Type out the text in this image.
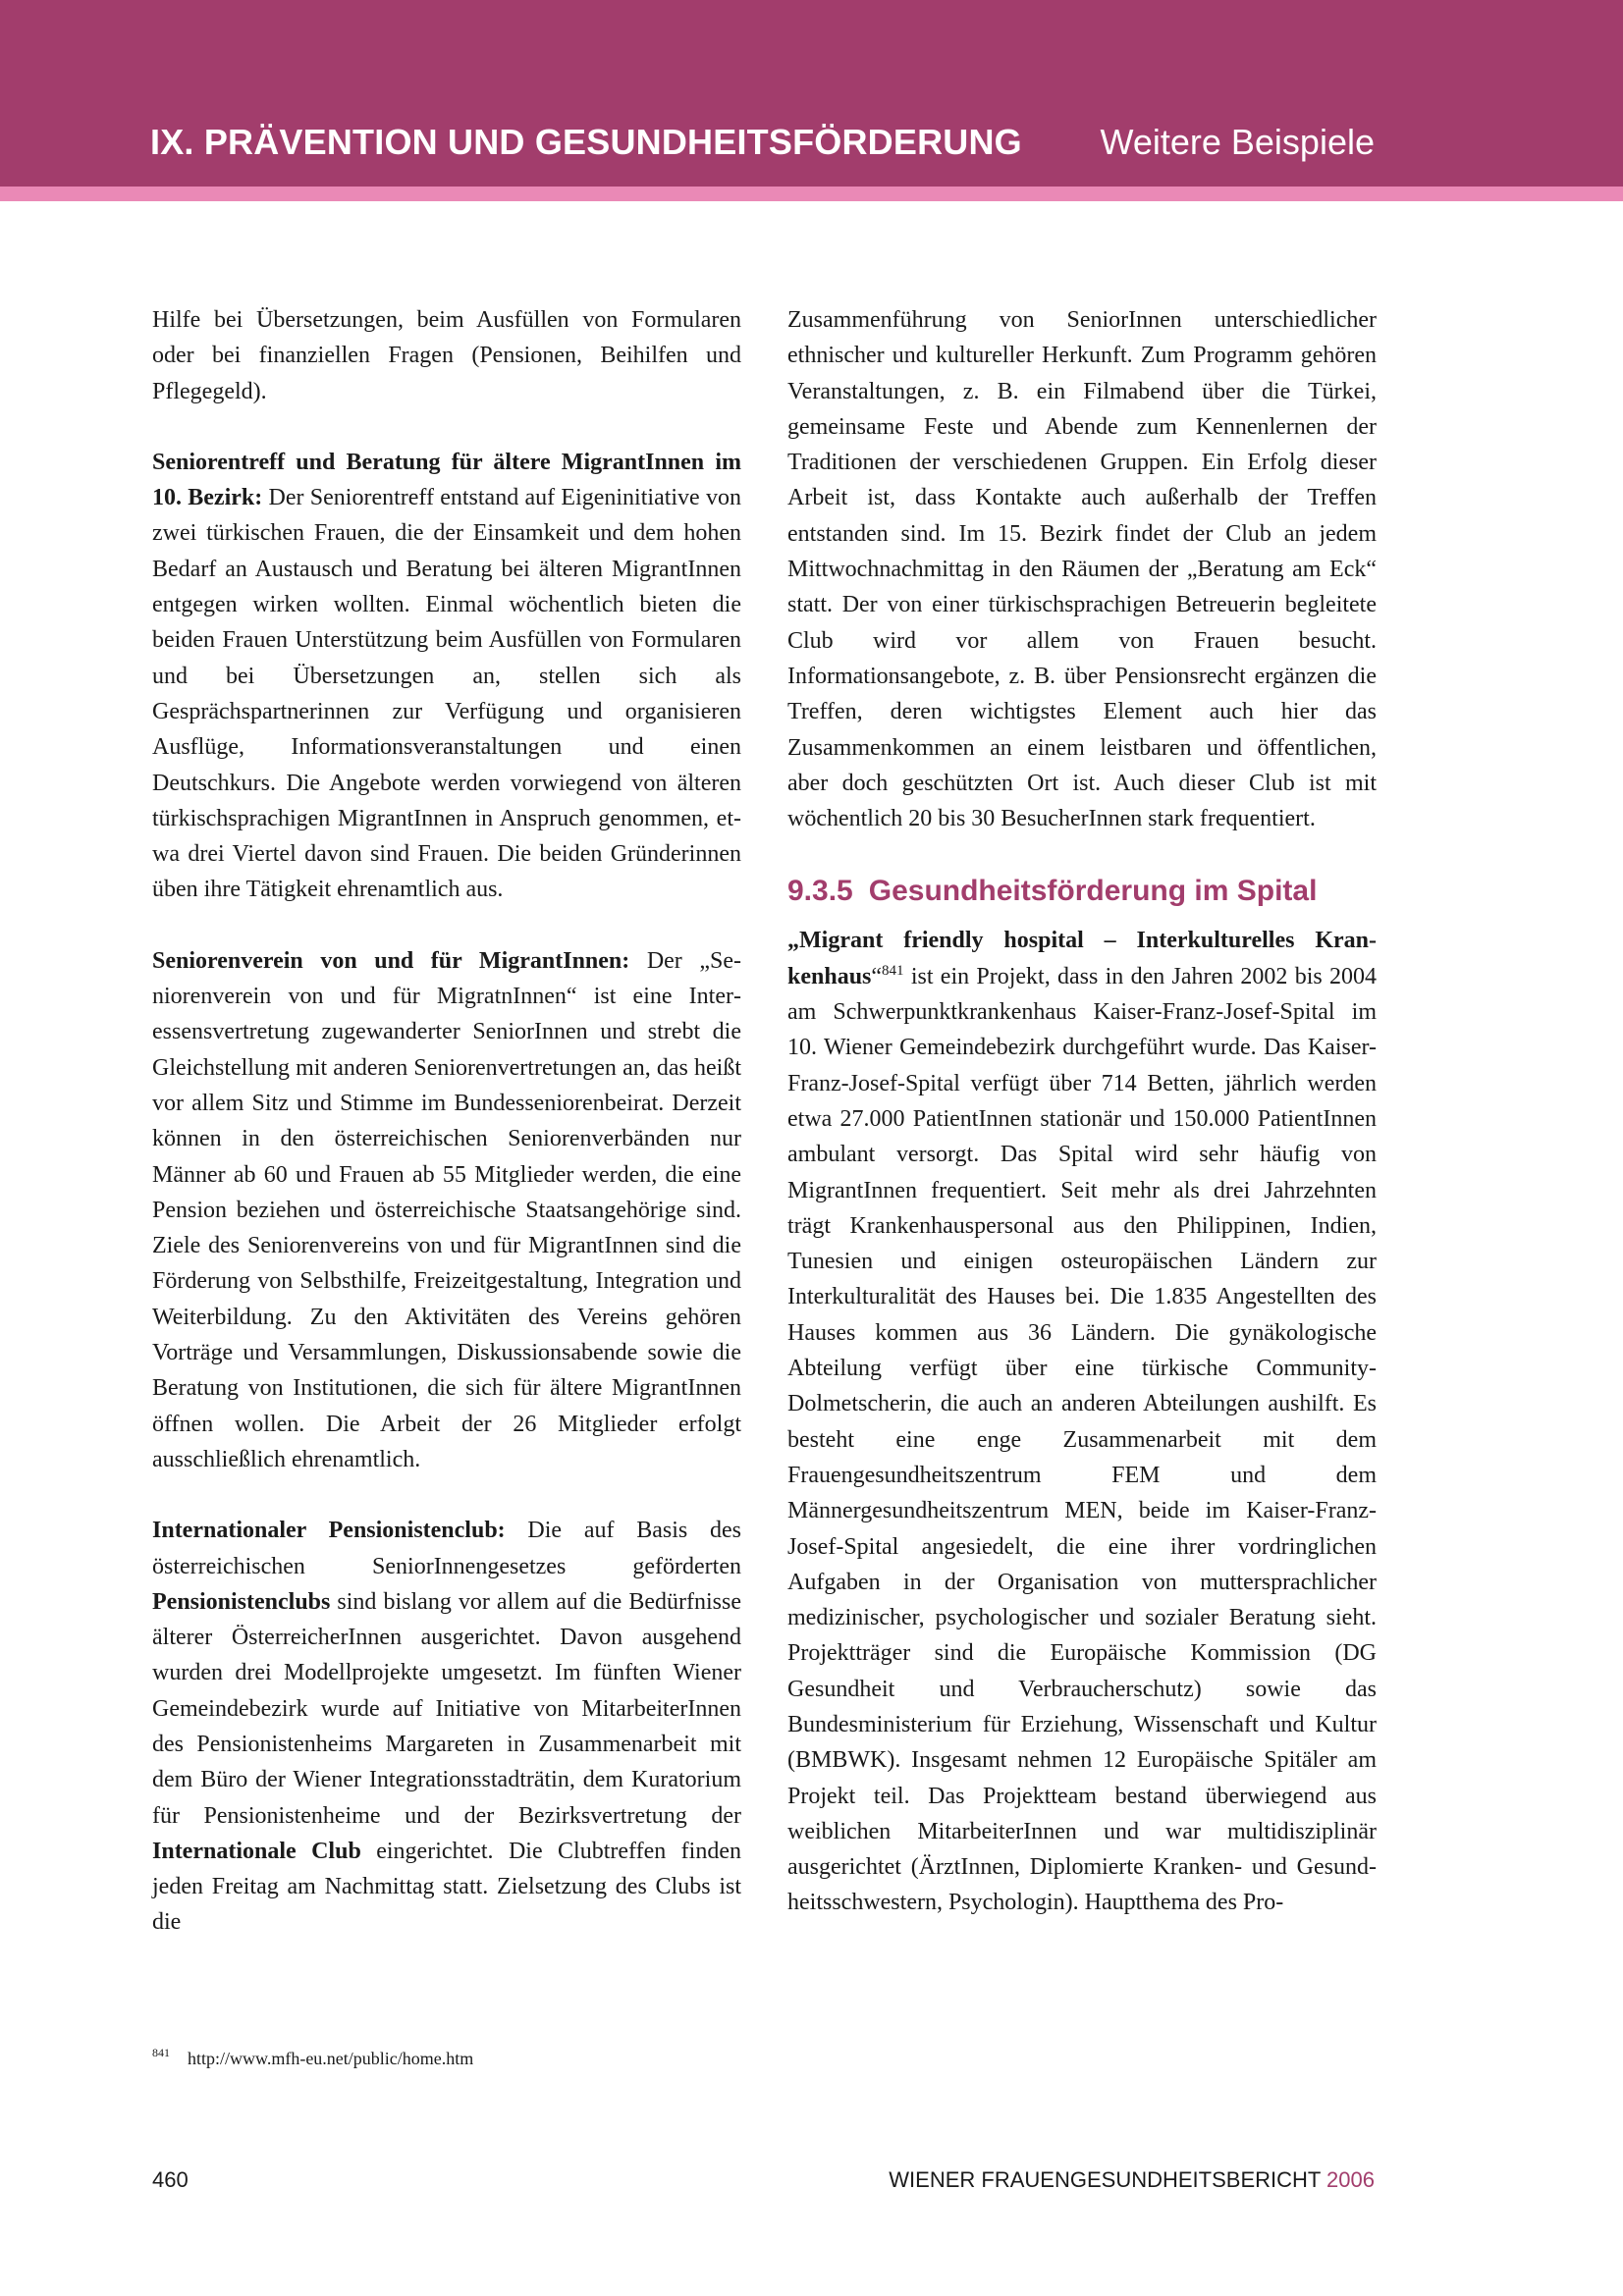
IX. PRÄVENTION UND GESUNDHEITSFÖRDERUNG Weitere Beispiele

Hilfe bei Übersetzungen, beim Ausfüllen von Formularen oder bei finanziellen Fragen (Pensionen, Beihilfen und Pflegegeld).

Seniorentreff und Beratung für ältere MigrantInnen im 10. Bezirk: Der Seniorentreff entstand auf Eigeninitiative von zwei türkischen Frauen, die der Einsamkeit und dem hohen Bedarf an Austausch und Beratung bei älteren MigrantInnen entgegen wirken wollten. Einmal wöchentlich bieten die beiden Frauen Unterstützung beim Ausfüllen von Formularen und bei Übersetzungen an, stellen sich als Gesprächspartnerinnen zur Verfügung und organisieren Ausflüge, Informationsveranstaltungen und einen Deutschkurs. Die Angebote werden vorwiegend von älteren türkischsprachigen MigrantInnen in Anspruch genommen, etwa drei Viertel davon sind Frauen. Die beiden Gründerinnen üben ihre Tätigkeit ehrenamtlich aus.

Seniorenverein von und für MigrantInnen: Der „Seniorenverein von und für MigratnInnen“ ist eine Interessensvertretung zugewanderter SeniorInnen und strebt die Gleichstellung mit anderen Seniorenvertretungen an, das heißt vor allem Sitz und Stimme im Bundesseniorenbeirat. Derzeit können in den österreichischen Seniorenverbänden nur Männer ab 60 und Frauen ab 55 Mitglieder werden, die eine Pension beziehen und österreichische Staatsangehörige sind. Ziele des Seniorenvereins von und für MigrantInnen sind die Förderung von Selbsthilfe, Freizeitgestaltung, Integration und Weiterbildung. Zu den Aktivitäten des Vereins gehören Vorträge und Versammlungen, Diskussionsabende sowie die Beratung von Institutionen, die sich für ältere MigrantInnen öffnen wollen. Die Arbeit der 26 Mitglieder erfolgt ausschließlich ehrenamtlich.

Internationaler Pensionistenclub: Die auf Basis des österreichischen SeniorInnengesetzes geförderten Pensionistenclubs sind bislang vor allem auf die Bedürfnisse älterer ÖsterreicherInnen ausgerichtet. Davon ausgehend wurden drei Modellprojekte umgesetzt. Im fünften Wiener Gemeindebezirk wurde auf Initiative von MitarbeiterInnen des Pensionistenheims Margareten in Zusammenarbeit mit dem Büro der Wiener Integrationsstadträtin, dem Kuratorium für Pensionistenheime und der Bezirksvertretung der Internationale Club eingerichtet. Die Clubtreffen finden jeden Freitag am Nachmittag statt. Zielsetzung des Clubs ist die

Zusammenführung von SeniorInnen unterschiedlicher ethnischer und kultureller Herkunft. Zum Programm gehören Veranstaltungen, z. B. ein Filmabend über die Türkei, gemeinsame Feste und Abende zum Kennenlernen der Traditionen der verschiedenen Gruppen. Ein Erfolg dieser Arbeit ist, dass Kontakte auch außerhalb der Treffen entstanden sind. Im 15. Bezirk findet der Club an jedem Mittwochnachmittag in den Räumen der „Beratung am Eck“ statt. Der von einer türkischsprachigen Betreuerin begleitete Club wird vor allem von Frauen besucht. Informationsangebote, z. B. über Pensionsrecht ergänzen die Treffen, deren wichtigstes Element auch hier das Zusammenkommen an einem leistbaren und öffentlichen, aber doch geschützten Ort ist. Auch dieser Club ist mit wöchentlich 20 bis 30 BesucherInnen stark frequentiert.

9.3.5 Gesundheitsförderung im Spital

„Migrant friendly hospital – Interkulturelles Krankenhaus“$^{841}$ ist ein Projekt, dass in den Jahren 2002 bis 2004 am Schwerpunktkrankenhaus Kaiser-Franz-Josef-Spital im 10. Wiener Gemeindebezirk durchgeführt wurde. Das Kaiser-Franz-Josef-Spital verfügt über 714 Betten, jährlich werden etwa 27.000 PatientInnen stationär und 150.000 PatientInnen ambulant versorgt. Das Spital wird sehr häufig von MigrantInnen frequentiert. Seit mehr als drei Jahrzehnten trägt Krankenhauspersonal aus den Philippinen, Indien, Tunesien und einigen osteuropäischen Ländern zur Interkulturalität des Hauses bei. Die 1.835 Angestellten des Hauses kommen aus 36 Ländern. Die gynäkologische Abteilung verfügt über eine türkische Community-Dolmetscherin, die auch an anderen Abteilungen aushilft. Es besteht eine enge Zusammenarbeit mit dem Frauengesundheitszentrum FEM und dem Männergesundheitszentrum MEN, beide im Kaiser-Franz-Josef-Spital angesiedelt, die eine ihrer vordringlichen Aufgaben in der Organisation von muttersprachlicher medizinischer, psychologischer und sozialer Beratung sieht. Projektträger sind die Europäische Kommission (DG Gesundheit und Verbraucherschutz) sowie das Bundesministerium für Erziehung, Wissenschaft und Kultur (BMBWK). Insgesamt nehmen 12 Europäische Spitäler am Projekt teil. Das Projektteam bestand überwiegend aus weiblichen MitarbeiterInnen und war multidisziplinär ausgerichtet (ÄrztInnen, Diplomierte Kranken- und Gesundheitsschwestern, Psychologin). Hauptthema des Pro-

$^{841}$ http://www.mfh-eu.net/public/home.htm
460	WIENER FRAUENGESUNDHEITSBERICHT 2006
